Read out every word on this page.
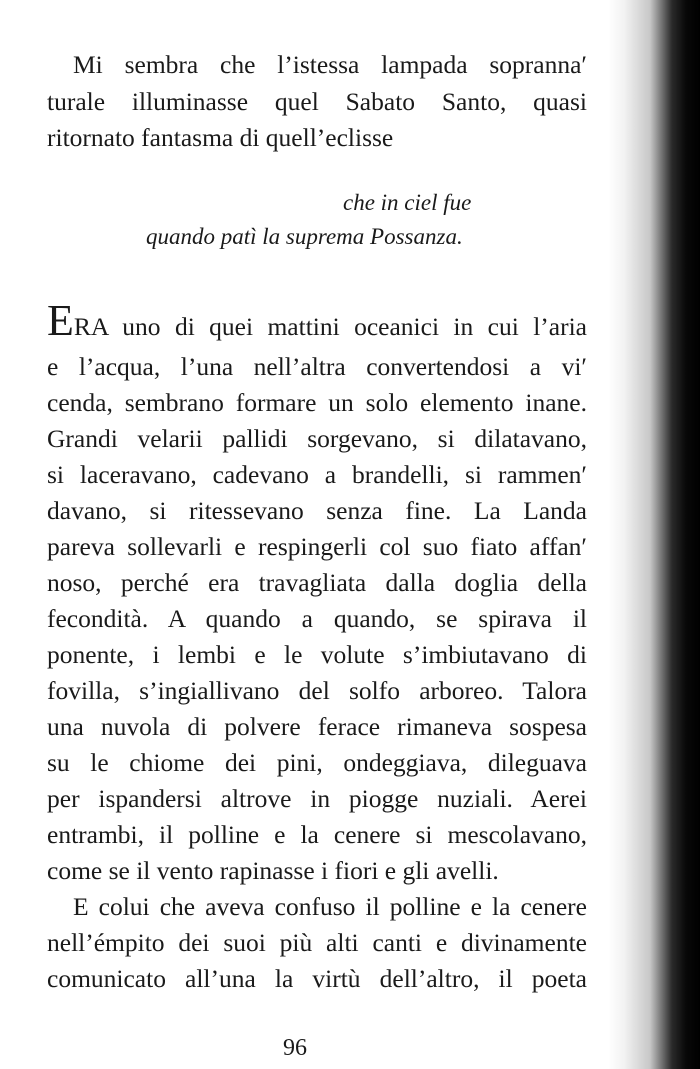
Mi sembra che l’istessa lampada sopranna′
turale illuminasse quel Sabato Santo, quasi
ritornato fantasma di quell’eclisse
che in ciel fue
quando patì la suprema Possanza.
ERA uno di quei mattini oceanici in cui l’aria
e l’acqua, l’una nell’altra convertendosi a vi′
cenda, sembrano formare un solo elemento inane.
Grandi velarii pallidi sorgevano, si dilatavano,
si laceravano, cadevano a brandelli, si rammen′
davano, si ritessevano senza fine. La Landa
pareva sollevarli e respingerli col suo fiato affan′
noso, perché era travagliata dalla doglia della
fecondità. A quando a quando, se spirava il
ponente, i lembi e le volute s’imbiutavano di
fovilla, s’ingiallivano del solfo arboreo. Talora
una nuvola di polvere ferace rimaneva sospesa
su le chiome dei pini, ondeggiava, dileguava
per ispandersi altrove in piogge nuziali. Aerei
entrambi, il polline e la cenere si mescolavano,
come se il vento rapinasse i fiori e gli avelli.
E colui che aveva confuso il polline e la cenere
nell’émpito dei suoi più alti canti e divinamente
comunicato all’una la virtù dell’altro, il poeta
96
